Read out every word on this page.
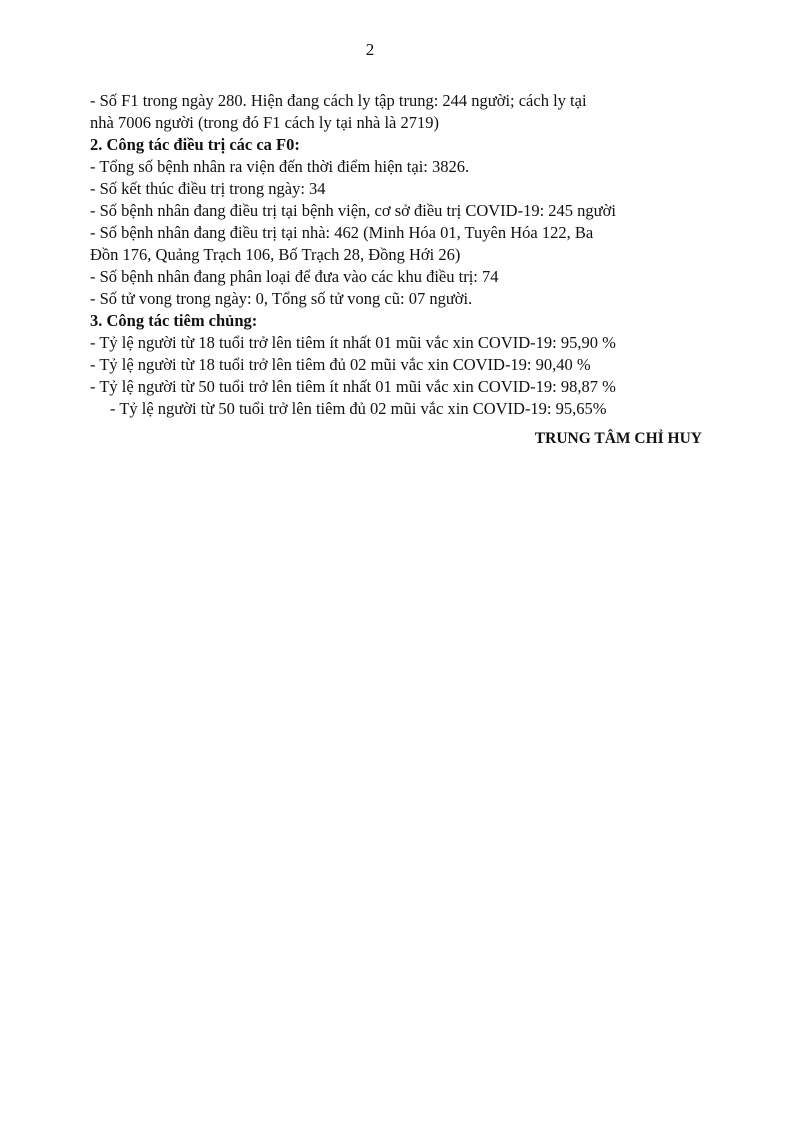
2
- Số F1 trong ngày 280. Hiện đang cách ly tập trung: 244 người; cách ly tại
nhà 7006 người (trong đó F1 cách ly tại nhà là 2719)
2. Công tác điều trị các ca F0:
- Tổng số bệnh nhân ra viện đến thời điểm hiện tại: 3826.
- Số kết thúc điều trị trong ngày: 34
- Số bệnh nhân đang điều trị tại bệnh viện, cơ sở điều trị COVID-19: 245 người
- Số bệnh nhân đang điều trị tại nhà: 462 (Minh Hóa 01, Tuyên Hóa 122, Ba
Đồn 176, Quảng Trạch 106, Bố Trạch 28, Đồng Hới 26)
- Số bệnh nhân đang phân loại để đưa vào các khu điều trị: 74
- Số tử vong trong ngày: 0, Tổng số tử vong cũ: 07 người.
3. Công tác tiêm chủng:
- Tỷ lệ người từ 18 tuổi trở lên tiêm ít nhất 01 mũi vắc xin COVID-19: 95,90 %
- Tỷ lệ người từ 18 tuổi trở lên tiêm đủ 02 mũi vắc xin COVID-19: 90,40 %
- Tỷ lệ người từ 50 tuổi trở lên tiêm ít nhất 01 mũi vắc xin COVID-19: 98,87 %
- Tỷ lệ người từ 50 tuổi trở lên tiêm đủ 02 mũi vắc xin COVID-19: 95,65%
TRUNG TÂM CHỈ HUY
